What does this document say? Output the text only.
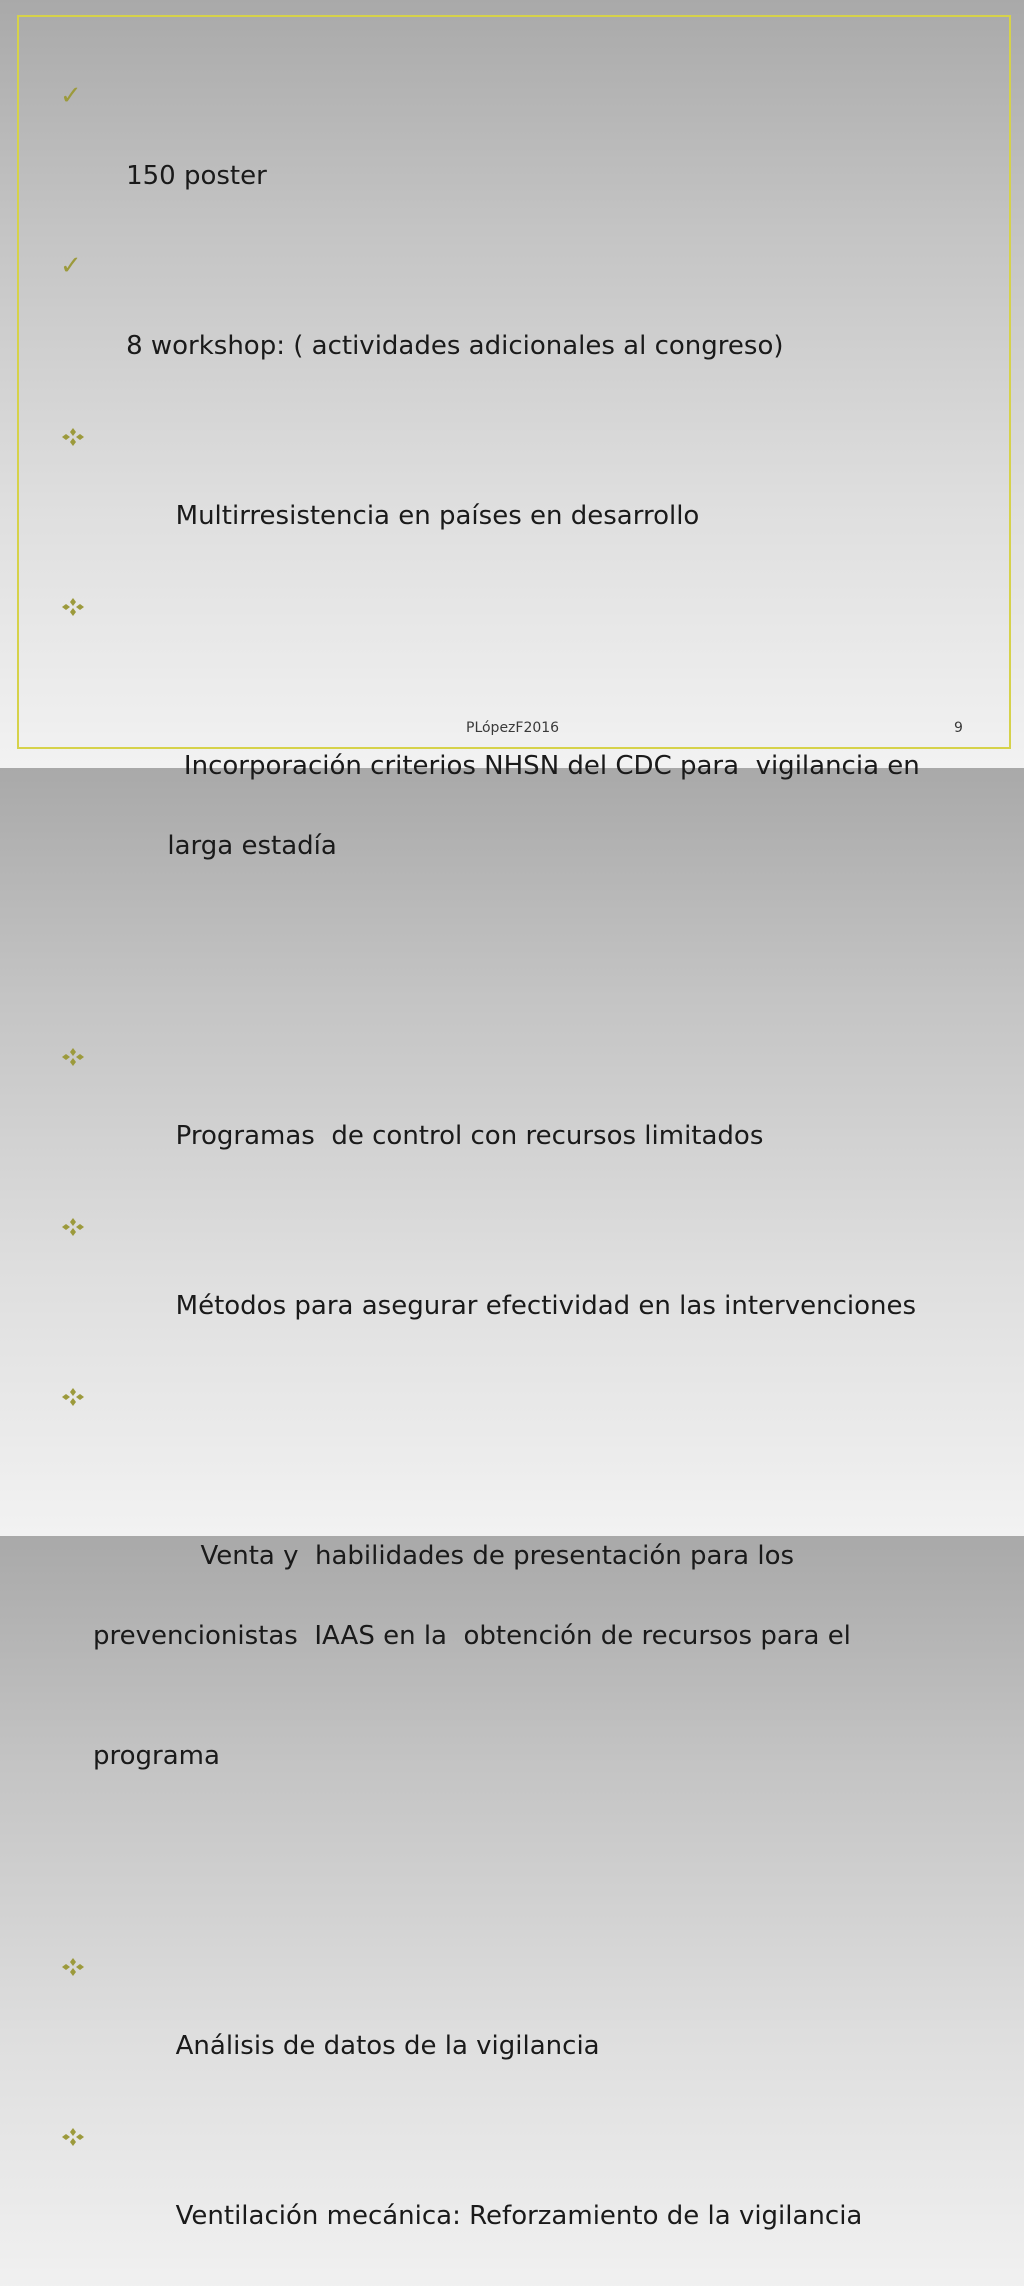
✓

150 poster

✓

8 workshop: ( actividades adicionales al congreso)

Multirresistencia en países en desarrollo

Incorporación criterios NHSN del CDC para  vigilancia en

larga estadía

Programas  de control con recursos limitados

Métodos para asegurar efectividad en las intervenciones

Venta y  habilidades de presentación para los

prevencionistas  IAAS en la  obtención de recursos para el

programa

Análisis de datos de la vigilancia

Ventilación mecánica: Reforzamiento de la vigilancia

PLópezF2016	9
